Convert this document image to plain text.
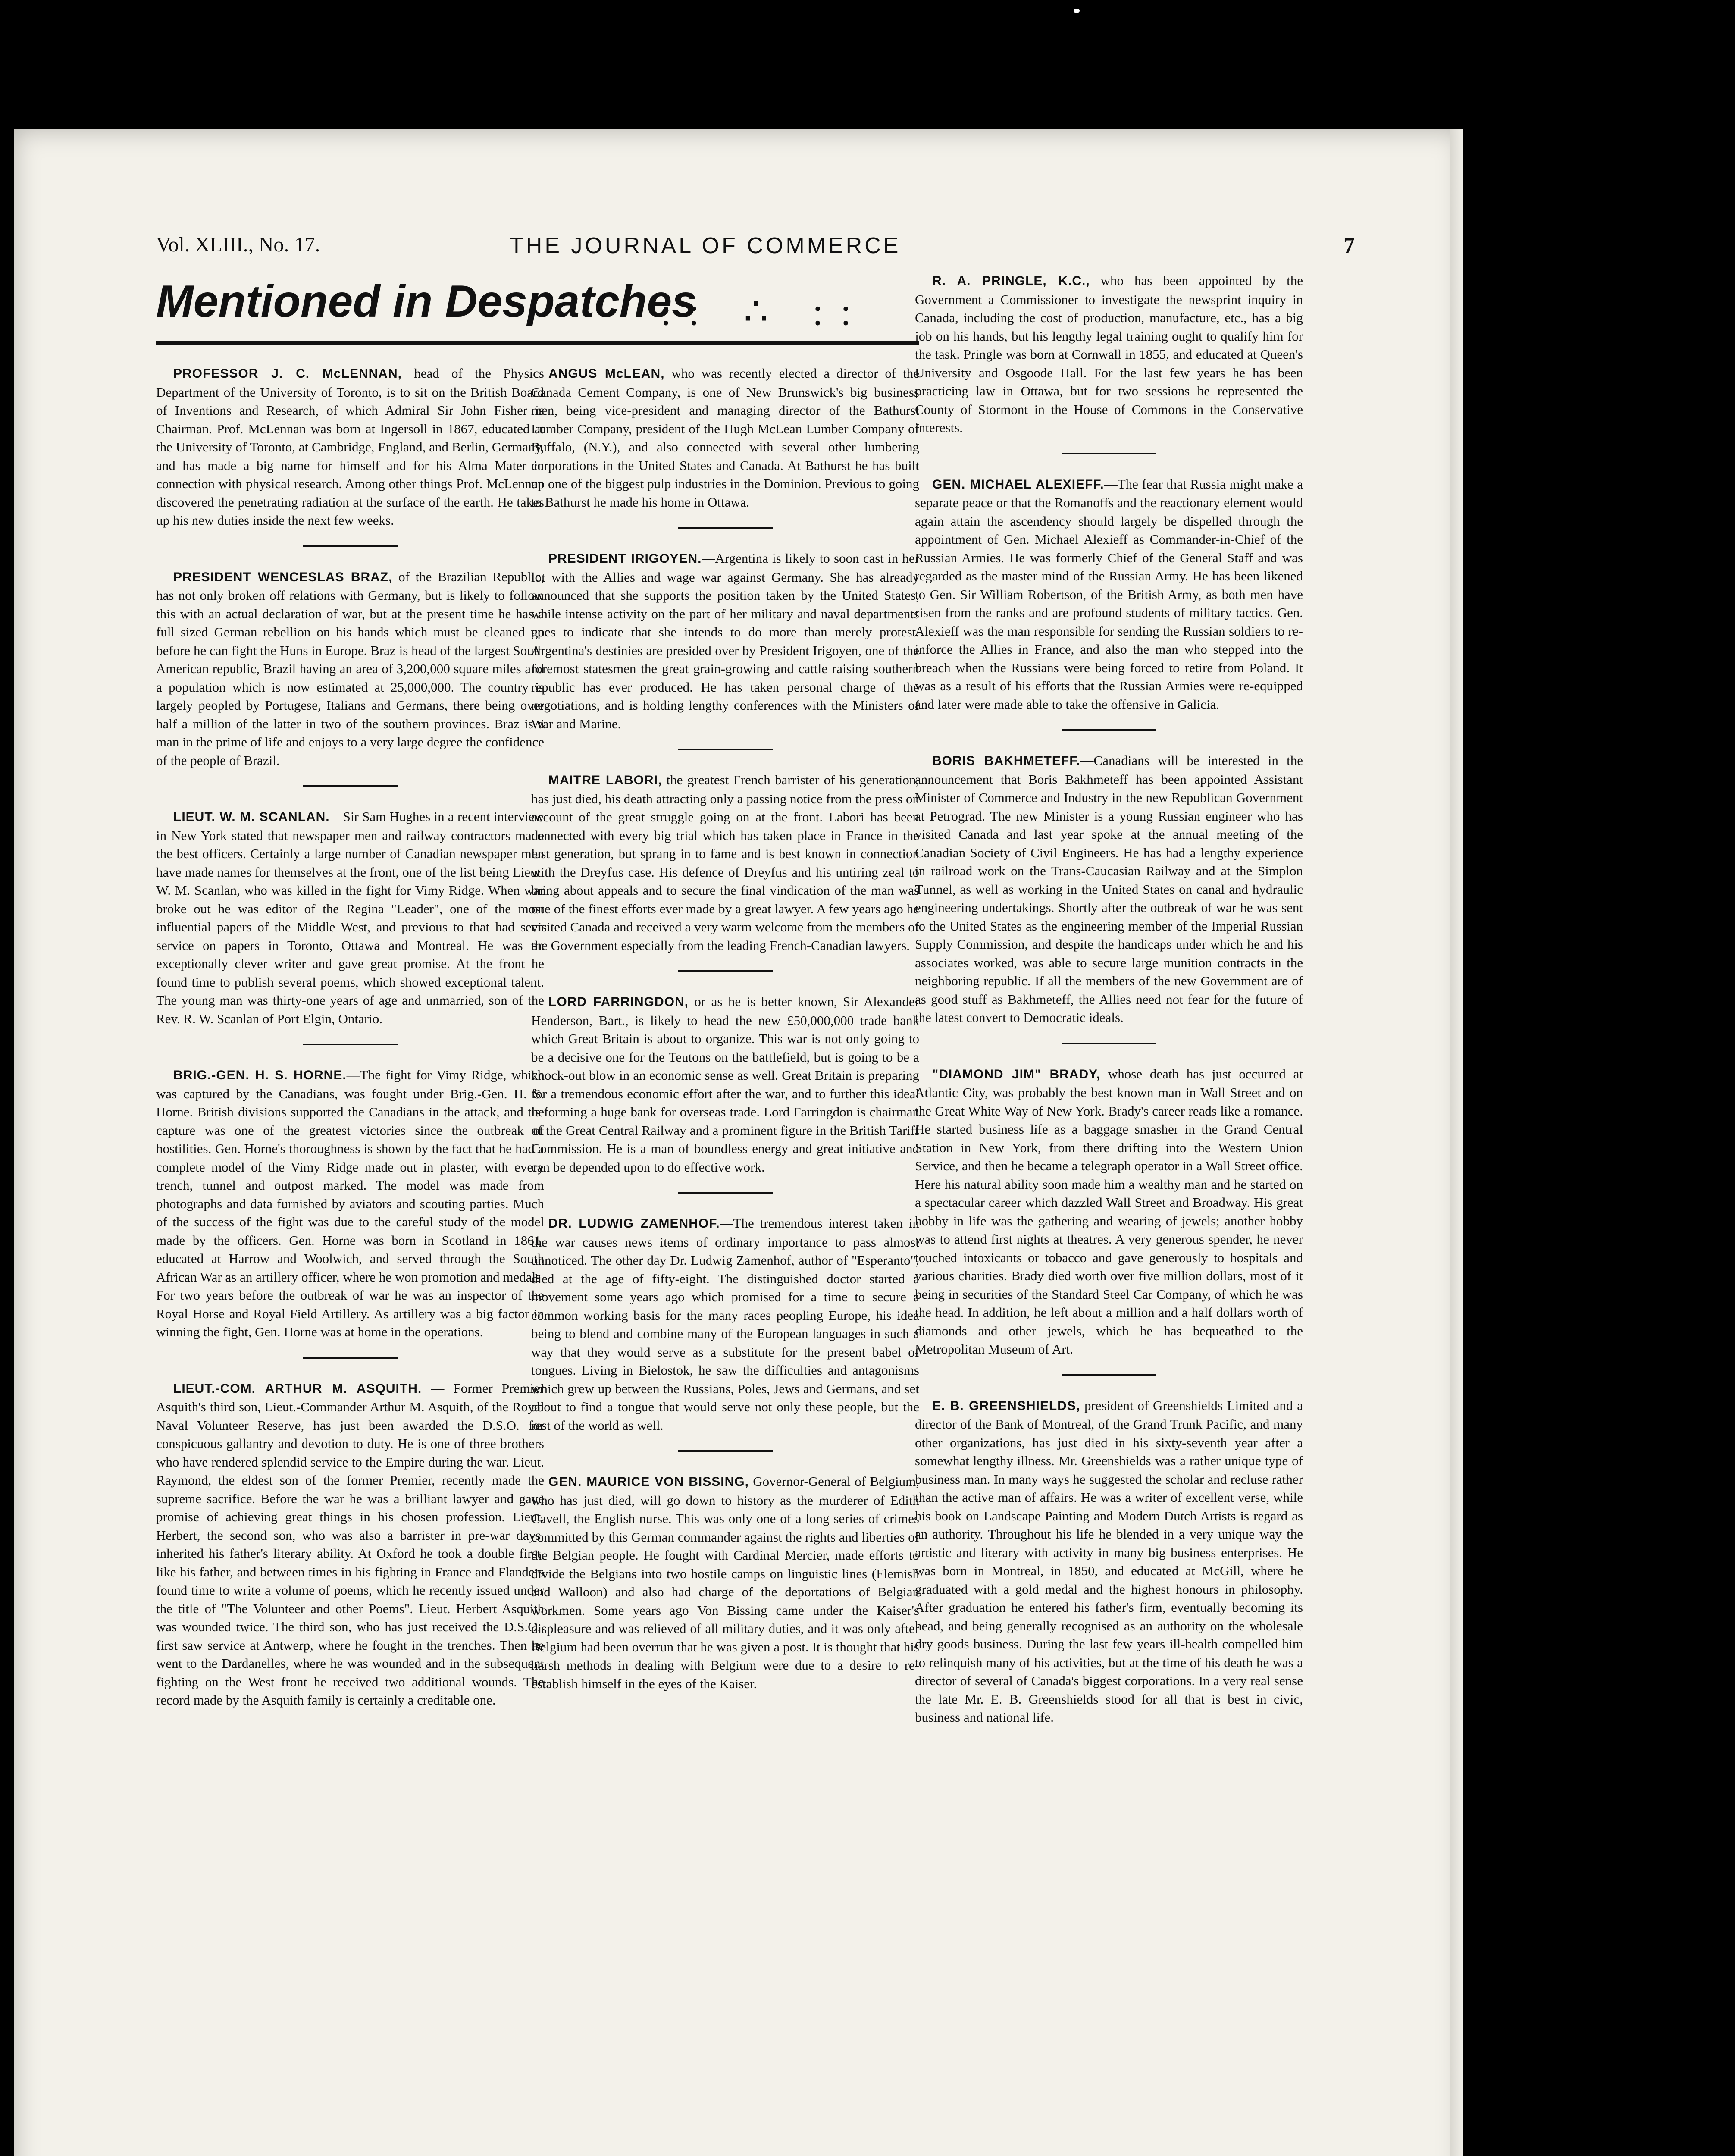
Vol. XLIII., No. 17.	THE JOURNAL OF COMMERCE	7
Mentioned in Despatches
:: ∴ ::

PROFESSOR J. C. McLENNAN, head of the Physics Department of the University of Toronto, is to sit on the British Board of Inventions and Research, of which Admiral Sir John Fisher is Chairman. Prof. McLennan was born at Ingersoll in 1867, educated at the University of Toronto, at Cambridge, England, and Berlin, Germany, and has made a big name for himself and for his Alma Mater in connection with physical research. Among other things Prof. McLennan discovered the penetrating radiation at the surface of the earth. He takes up his new duties inside the next few weeks.

PRESIDENT WENCESLAS BRAZ, of the Brazilian Republic, has not only broken off relations with Germany, but is likely to follow this with an actual declaration of war, but at the present time he has a full sized German rebellion on his hands which must be cleaned up before he can fight the Huns in Europe. Braz is head of the largest South American republic, Brazil having an area of 3,200,000 square miles and a population which is now estimated at 25,000,000. The country is largely peopled by Portugese, Italians and Germans, there being over half a million of the latter in two of the southern provinces. Braz is a man in the prime of life and enjoys to a very large degree the confidence of the people of Brazil.

LIEUT. W. M. SCANLAN.—Sir Sam Hughes in a recent interview in New York stated that newspaper men and railway contractors made the best officers. Certainly a large number of Canadian newspaper men have made names for themselves at the front, one of the list being Lieut. W. M. Scanlan, who was killed in the fight for Vimy Ridge. When war broke out he was editor of the Regina "Leader", one of the most influential papers of the Middle West, and previous to that had seen service on papers in Toronto, Ottawa and Montreal. He was an exceptionally clever writer and gave great promise. At the front he found time to publish several poems, which showed exceptional talent. The young man was thirty-one years of age and unmarried, son of the Rev. R. W. Scanlan of Port Elgin, Ontario.

BRIG.-GEN. H. S. HORNE.—The fight for Vimy Ridge, which was captured by the Canadians, was fought under Brig.-Gen. H. S. Horne. British divisions supported the Canadians in the attack, and the capture was one of the greatest victories since the outbreak of hostilities. Gen. Horne's thoroughness is shown by the fact that he had a complete model of the Vimy Ridge made out in plaster, with every trench, tunnel and outpost marked. The model was made from photographs and data furnished by aviators and scouting parties. Much of the success of the fight was due to the careful study of the model made by the officers. Gen. Horne was born in Scotland in 1861, educated at Harrow and Woolwich, and served through the South African War as an artillery officer, where he won promotion and medals. For two years before the outbreak of war he was an inspector of the Royal Horse and Royal Field Artillery. As artillery was a big factor in winning the fight, Gen. Horne was at home in the operations.

LIEUT.-COM. ARTHUR M. ASQUITH. — Former Premier Asquith's third son, Lieut.-Commander Arthur M. Asquith, of the Royal Naval Volunteer Reserve, has just been awarded the D.S.O. for conspicuous gallantry and devotion to duty. He is one of three brothers who have rendered splendid service to the Empire during the war. Lieut. Raymond, the eldest son of the former Premier, recently made the supreme sacrifice. Before the war he was a brilliant lawyer and gave promise of achieving great things in his chosen profession. Lieut. Herbert, the second son, who was also a barrister in pre-war days, inherited his father's literary ability. At Oxford he took a double first, like his father, and between times in his fighting in France and Flanders found time to write a volume of poems, which he recently issued under the title of "The Volunteer and other Poems". Lieut. Herbert Asquith was wounded twice. The third son, who has just received the D.S.O., first saw service at Antwerp, where he fought in the trenches. Then he went to the Dardanelles, where he was wounded and in the subsequent fighting on the West front he received two additional wounds. The record made by the Asquith family is certainly a creditable one.

ANGUS McLEAN, who was recently elected a director of the Canada Cement Company, is one of New Brunswick's big business men, being vice-president and managing director of the Bathurst Lumber Company, president of the Hugh McLean Lumber Company of Buffalo, (N.Y.), and also connected with several other lumbering corporations in the United States and Canada. At Bathurst he has built up one of the biggest pulp industries in the Dominion. Previous to going to Bathurst he made his home in Ottawa.

PRESIDENT IRIGOYEN.—Argentina is likely to soon cast in her lot with the Allies and wage war against Germany. She has already announced that she supports the position taken by the United States, while intense activity on the part of her military and naval departments goes to indicate that she intends to do more than merely protest. Argentina's destinies are presided over by President Irigoyen, one of the foremost statesmen the great grain-growing and cattle raising southern republic has ever produced. He has taken personal charge of the negotiations, and is holding lengthy conferences with the Ministers of War and Marine.

MAITRE LABORI, the greatest French barrister of his generation, has just died, his death attracting only a passing notice from the press on account of the great struggle going on at the front. Labori has been connected with every big trial which has taken place in France in the last generation, but sprang in to fame and is best known in connection with the Dreyfus case. His defence of Dreyfus and his untiring zeal to bring about appeals and to secure the final vindication of the man was one of the finest efforts ever made by a great lawyer. A few years ago he visited Canada and received a very warm welcome from the members of the Government especially from the leading French-Canadian lawyers.

LORD FARRINGDON, or as he is better known, Sir Alexander Henderson, Bart., is likely to head the new £50,000,000 trade bank which Great Britain is about to organize. This war is not only going to be a decisive one for the Teutons on the battlefield, but is going to be a knock-out blow in an economic sense as well. Great Britain is preparing for a tremendous economic effort after the war, and to further this ideal is forming a huge bank for overseas trade. Lord Farringdon is chairman of the Great Central Railway and a prominent figure in the British Tariff Commission. He is a man of boundless energy and great initiative and can be depended upon to do effective work.

DR. LUDWIG ZAMENHOF.—The tremendous interest taken in the war causes news items of ordinary importance to pass almost unnoticed. The other day Dr. Ludwig Zamenhof, author of "Esperanto", died at the age of fifty-eight. The distinguished doctor started a movement some years ago which promised for a time to secure a common working basis for the many races peopling Europe, his idea being to blend and combine many of the European languages in such a way that they would serve as a substitute for the present babel of tongues. Living in Bielostok, he saw the difficulties and antagonisms which grew up between the Russians, Poles, Jews and Germans, and set about to find a tongue that would serve not only these people, but the rest of the world as well.

GEN. MAURICE VON BISSING, Governor-General of Belgium, who has just died, will go down to history as the murderer of Edith Cavell, the English nurse. This was only one of a long series of crimes committed by this German commander against the rights and liberties of the Belgian people. He fought with Cardinal Mercier, made efforts to divide the Belgians into two hostile camps on linguistic lines (Flemish and Walloon) and also had charge of the deportations of Belgian workmen. Some years ago Von Bissing came under the Kaiser's displeasure and was relieved of all military duties, and it was only after Belgium had been overrun that he was given a post. It is thought that his harsh methods in dealing with Belgium were due to a desire to re-establish himself in the eyes of the Kaiser.

R. A. PRINGLE, K.C., who has been appointed by the Government a Commissioner to investigate the newsprint inquiry in Canada, including the cost of production, manufacture, etc., has a big job on his hands, but his lengthy legal training ought to qualify him for the task. Pringle was born at Cornwall in 1855, and educated at Queen's University and Osgoode Hall. For the last few years he has been practicing law in Ottawa, but for two sessions he represented the County of Stormont in the House of Commons in the Conservative interests.

GEN. MICHAEL ALEXIEFF.—The fear that Russia might make a separate peace or that the Romanoffs and the reactionary element would again attain the ascendency should largely be dispelled through the appointment of Gen. Michael Alexieff as Commander-in-Chief of the Russian Armies. He was formerly Chief of the General Staff and was regarded as the master mind of the Russian Army. He has been likened to Gen. Sir William Robertson, of the British Army, as both men have risen from the ranks and are profound students of military tactics. Gen. Alexieff was the man responsible for sending the Russian soldiers to re-inforce the Allies in France, and also the man who stepped into the breach when the Russians were being forced to retire from Poland. It was as a result of his efforts that the Russian Armies were re-equipped and later were made able to take the offensive in Galicia.

BORIS BAKHMETEFF.—Canadians will be interested in the announcement that Boris Bakhmeteff has been appointed Assistant Minister of Commerce and Industry in the new Republican Government at Petrograd. The new Minister is a young Russian engineer who has visited Canada and last year spoke at the annual meeting of the Canadian Society of Civil Engineers. He has had a lengthy experience in railroad work on the Trans-Caucasian Railway and at the Simplon Tunnel, as well as working in the United States on canal and hydraulic engineering undertakings. Shortly after the outbreak of war he was sent to the United States as the engineering member of the Imperial Russian Supply Commission, and despite the handicaps under which he and his associates worked, was able to secure large munition contracts in the neighboring republic. If all the members of the new Government are of as good stuff as Bakhmeteff, the Allies need not fear for the future of the latest convert to Democratic ideals.

"DIAMOND JIM" BRADY, whose death has just occurred at Atlantic City, was probably the best known man in Wall Street and on the Great White Way of New York. Brady's career reads like a romance. He started business life as a baggage smasher in the Grand Central Station in New York, from there drifting into the Western Union Service, and then he became a telegraph operator in a Wall Street office. Here his natural ability soon made him a wealthy man and he started on a spectacular career which dazzled Wall Street and Broadway. His great hobby in life was the gathering and wearing of jewels; another hobby was to attend first nights at theatres. A very generous spender, he never touched intoxicants or tobacco and gave generously to hospitals and various charities. Brady died worth over five million dollars, most of it being in securities of the Standard Steel Car Company, of which he was the head. In addition, he left about a million and a half dollars worth of diamonds and other jewels, which he has bequeathed to the Metropolitan Museum of Art.

E. B. GREENSHIELDS, president of Greenshields Limited and a director of the Bank of Montreal, of the Grand Trunk Pacific, and many other organizations, has just died in his sixty-seventh year after a somewhat lengthy illness. Mr. Greenshields was a rather unique type of business man. In many ways he suggested the scholar and recluse rather than the active man of affairs. He was a writer of excellent verse, while his book on Landscape Painting and Modern Dutch Artists is regard as an authority. Throughout his life he blended in a very unique way the artistic and literary with activity in many big business enterprises. He was born in Montreal, in 1850, and educated at McGill, where he graduated with a gold medal and the highest honours in philosophy. After graduation he entered his father's firm, eventually becoming its head, and being generally recognised as an authority on the wholesale dry goods business. During the last few years ill-health compelled him to relinquish many of his activities, but at the time of his death he was a director of several of Canada's biggest corporations. In a very real sense the late Mr. E. B. Greenshields stood for all that is best in civic, business and national life.
